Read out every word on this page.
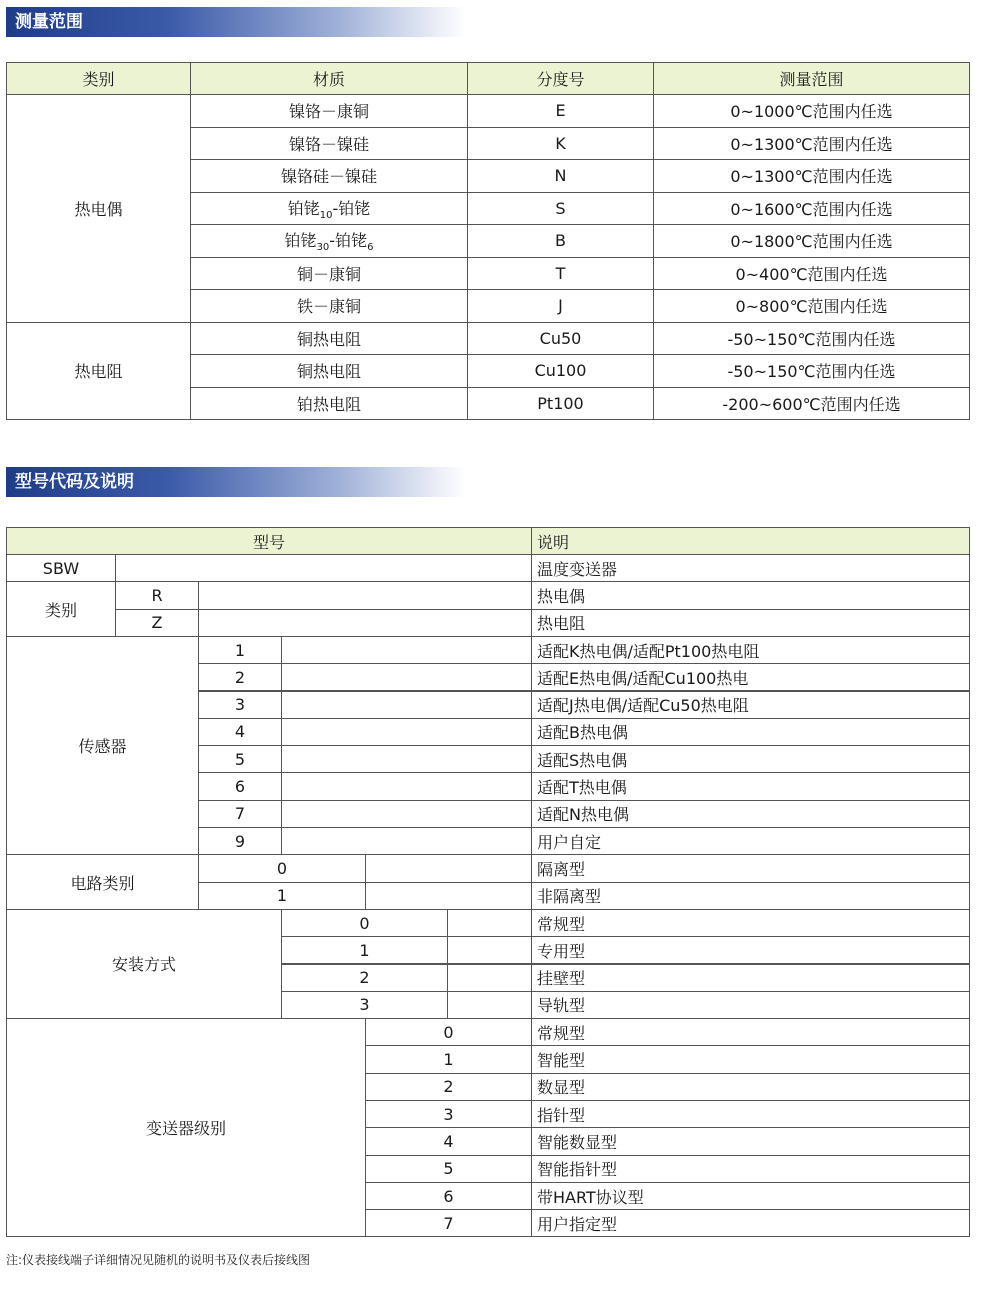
测量范围
类别	材质	分度号	测量范围
热电偶
镍铬－康铜	E	0~1000℃范围内任选
镍铬－镍硅	K	0~1300℃范围内任选
镍铬硅－镍硅	N	0~1300℃范围内任选
铂铑$_{10}$-铂铑	S	0~1600℃范围内任选
铂铑$_{30}$-铂铑$_6$	B	0~1800℃范围内任选
铜－康铜	T	0~400℃范围内任选
铁－康铜	J	0~800℃范围内任选
热电阻
铜热电阻	Cu50	-50~150℃范围内任选
铜热电阻	Cu100	-50~150℃范围内任选
铂热电阻	Pt100	-200~600℃范围内任选
型号代码及说明
型号	说明
SBW	温度变送器
类别
R	热电偶
Z	热电阻
传感器
1	适配K热电偶/适配Pt100热电阻
2	适配E热电偶/适配Cu100热电
3	适配J热电偶/适配Cu50热电阻
4	适配B热电偶
5	适配S热电偶
6	适配T热电偶
7	适配N热电偶
9	用户自定
电路类别
0	隔离型
1	非隔离型
安装方式
0	常规型
1	专用型
2	挂壁型
3	导轨型
变送器级别
0	常规型
1	智能型
2	数显型
3	指针型
4	智能数显型
5	智能指针型
6	带HART协议型
7	用户指定型
注:仪表接线端子详细情况见随机的说明书及仪表后接线图
